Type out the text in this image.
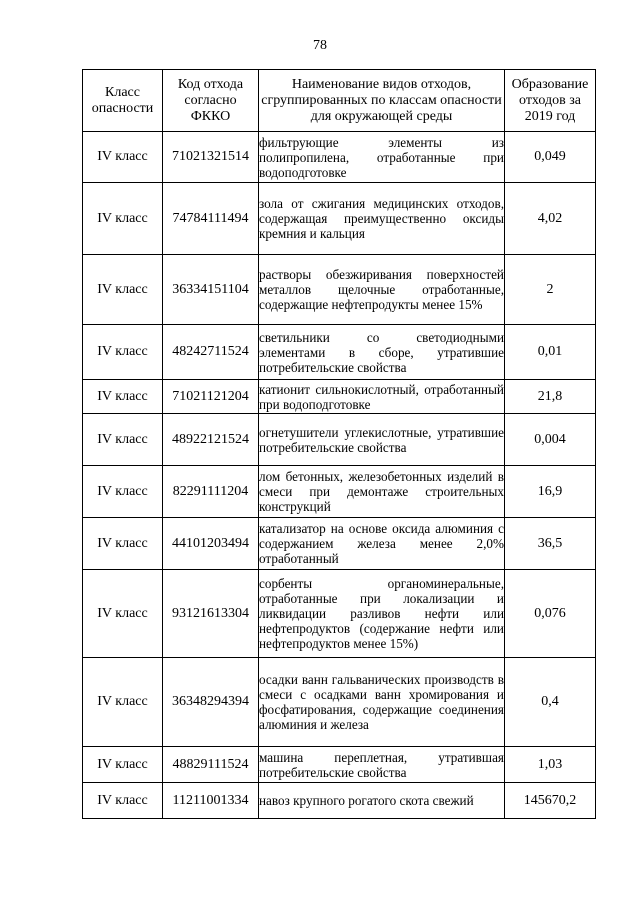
78
Класс опасности	Код отхода согласно ФККО	Наименование видов отходов, сгруппированных по классам опасности для окружающей среды	Образование отходов за 2019 год
IV класс	71021321514	фильтрующие элементы из полипропилена, отработанные при водоподготовке	0,049
IV класс	74784111494	зола от сжигания медицинских отходов, содержащая преимущественно оксиды кремния и кальция	4,02
IV класс	36334151104	растворы обезжиривания поверхностей металлов щелочные отработанные, содержащие нефтепродукты менее 15%	2
IV класс	48242711524	светильники со светодиодными элементами в сборе, утратившие потребительские свойства	0,01
IV класс	71021121204	катионит сильнокислотный, отработанный при водоподготовке	21,8
IV класс	48922121524	огнетушители углекислотные, утратившие потребительские свойства	0,004
IV класс	82291111204	лом бетонных, железобетонных изделий в смеси при демонтаже строительных конструкций	16,9
IV класс	44101203494	катализатор на основе оксида алюминия с содержанием железа менее 2,0% отработанный	36,5
IV класс	93121613304	сорбенты органоминеральные, отработанные при локализации и ликвидации разливов нефти или нефтепродуктов (содержание нефти или нефтепродуктов менее 15%)	0,076
IV класс	36348294394	осадки ванн гальванических производств в смеси с осадками ванн хромирования и фосфатирования, содержащие соединения алюминия и железа	0,4
IV класс	48829111524	машина переплетная, утратившая потребительские свойства	1,03
IV класс	11211001334	навоз крупного рогатого скота свежий	145670,2
